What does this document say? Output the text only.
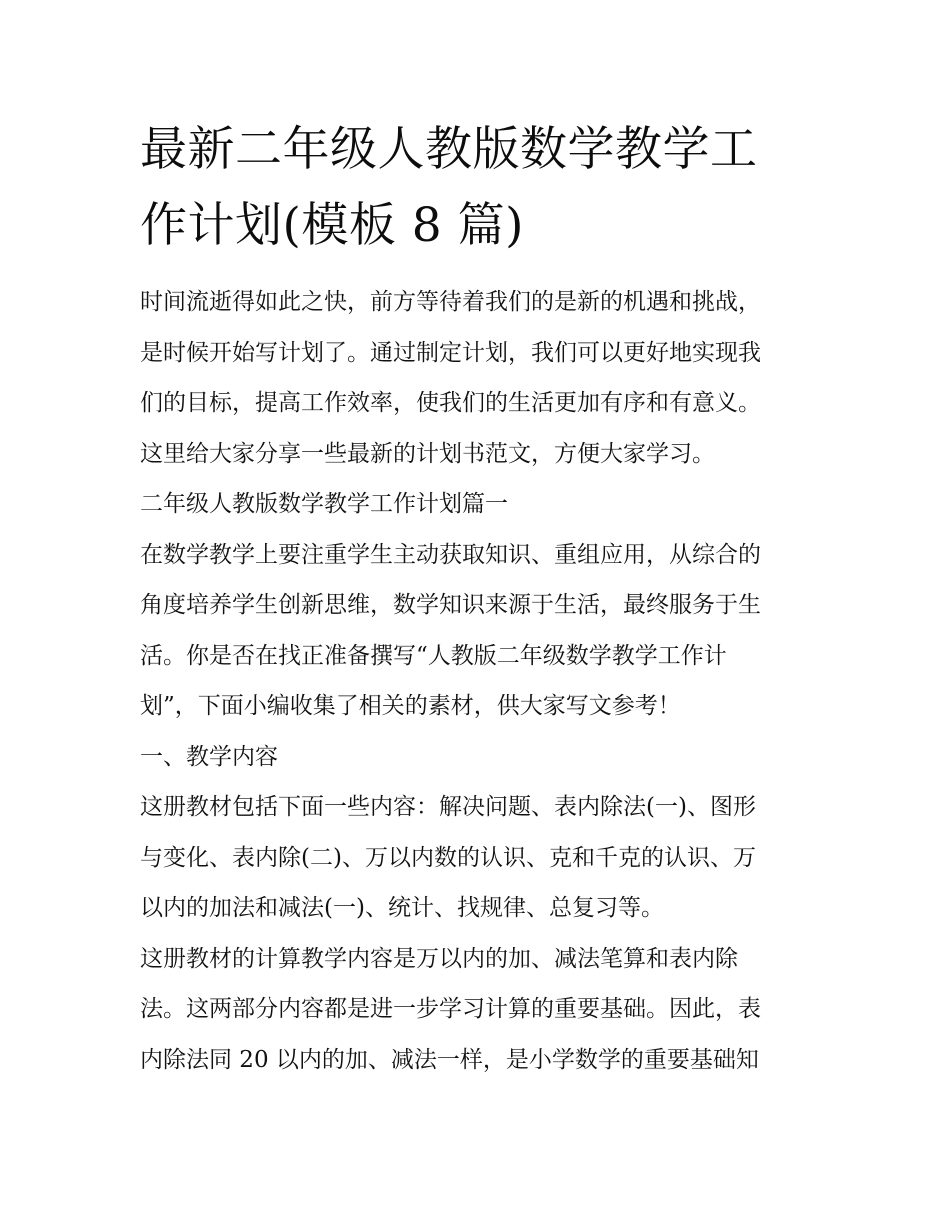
最新二年级人教版数学教学工
作计划(模板 8 篇)
时间流逝得如此之快，前方等待着我们的是新的机遇和挑战，
是时候开始写计划了。通过制定计划，我们可以更好地实现我
们的目标，提高工作效率，使我们的生活更加有序和有意义。
这里给大家分享一些最新的计划书范文，方便大家学习。
二年级人教版数学教学工作计划篇一
在数学教学上要注重学生主动获取知识、重组应用，从综合的
角度培养学生创新思维，数学知识来源于生活，最终服务于生
活。你是否在找正准备撰写“人教版二年级数学教学工作计
划”，下面小编收集了相关的素材，供大家写文参考！
一、教学内容
这册教材包括下面一些内容：解决问题、表内除法(一)、图形
与变化、表内除(二)、万以内数的认识、克和千克的认识、万
以内的加法和减法(一)、统计、找规律、总复习等。
这册教材的计算教学内容是万以内的加、减法笔算和表内除
法。这两部分内容都是进一步学习计算的重要基础。因此，表
内除法同 20 以内的加、减法一样，是小学数学的重要基础知
